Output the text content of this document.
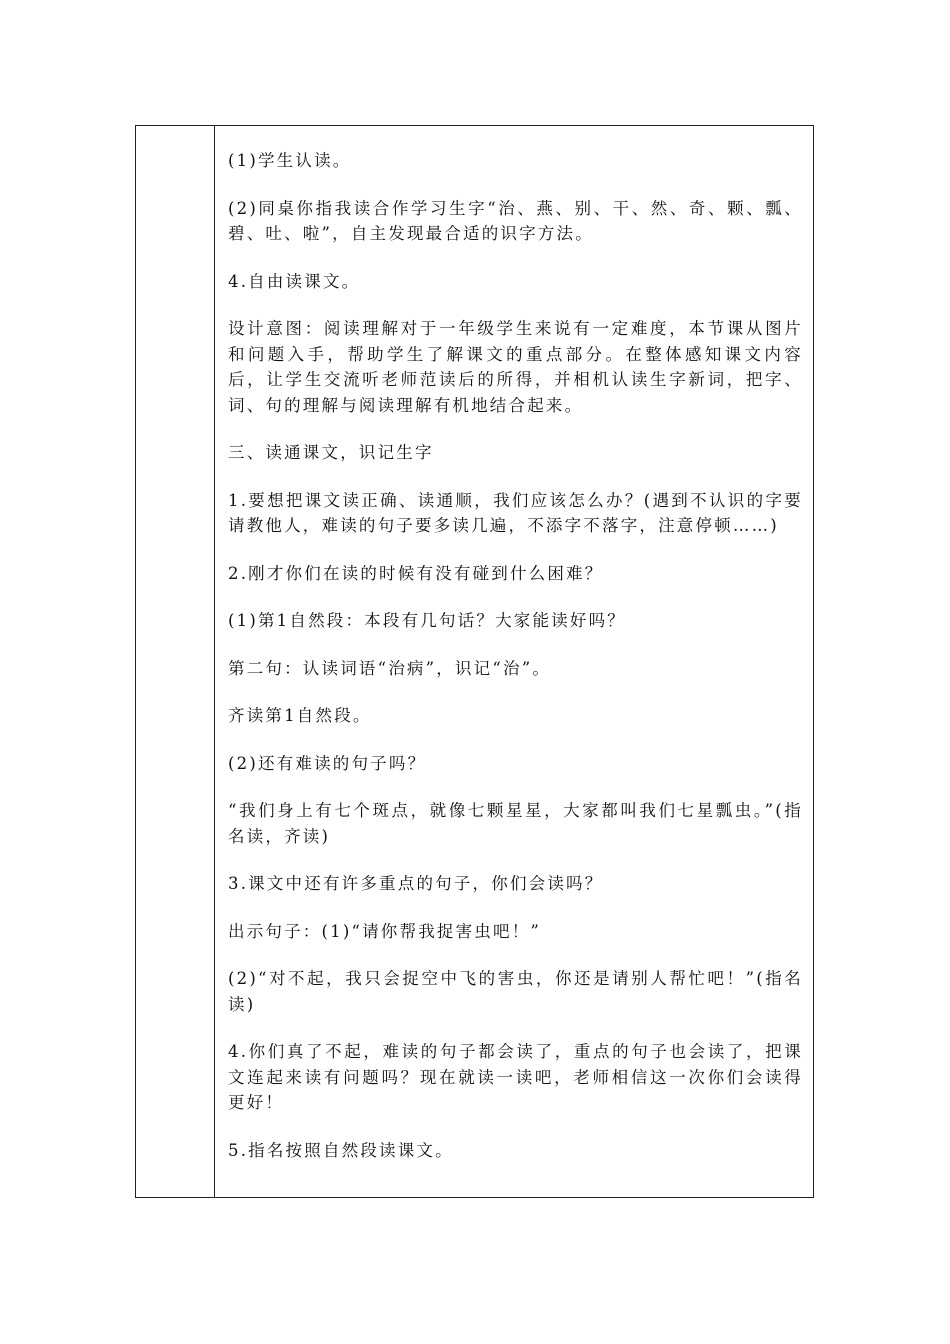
(1)学生认读。

(2)同桌你指我读合作学习生字“治、燕、别、干、然、奇、颗、瓢、碧、吐、啦”，自主发现最合适的识字方法。

4.自由读课文。

设计意图：阅读理解对于一年级学生来说有一定难度，本节课从图片和问题入手，帮助学生了解课文的重点部分。在整体感知课文内容后，让学生交流听老师范读后的所得，并相机认读生字新词，把字、词、句的理解与阅读理解有机地结合起来。

三、读通课文，识记生字

1.要想把课文读正确、读通顺，我们应该怎么办？(遇到不认识的字要请教他人，难读的句子要多读几遍，不添字不落字，注意停顿……)

2.刚才你们在读的时候有没有碰到什么困难？

(1)第1自然段：本段有几句话？大家能读好吗？

第二句：认读词语“治病”，识记“治”。

齐读第1自然段。

(2)还有难读的句子吗？

“我们身上有七个斑点，就像七颗星星，大家都叫我们七星瓢虫。”(指名读，齐读)

3.课文中还有许多重点的句子，你们会读吗？

出示句子：(1)“请你帮我捉害虫吧！”

(2)“对不起，我只会捉空中飞的害虫，你还是请别人帮忙吧！”(指名读)

4.你们真了不起，难读的句子都会读了，重点的句子也会读了，把课文连起来读有问题吗？现在就读一读吧，老师相信这一次你们会读得更好！

5.指名按照自然段读课文。
